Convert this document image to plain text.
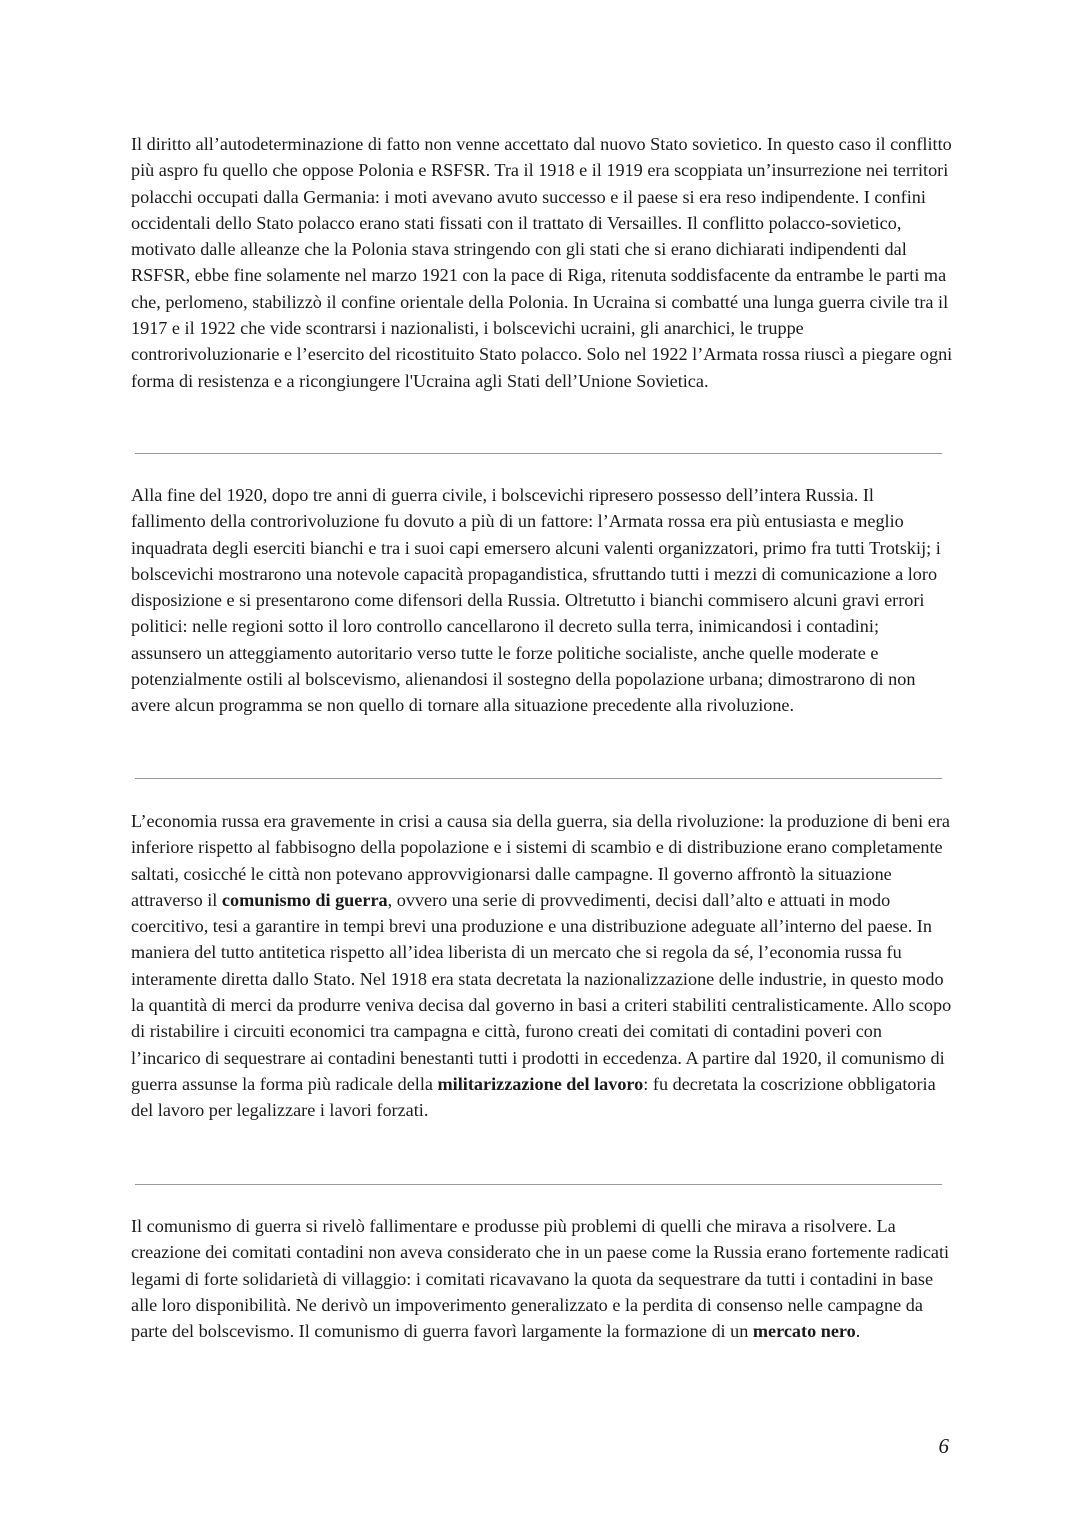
Il diritto all’autodeterminazione di fatto non venne accettato dal nuovo Stato sovietico. In questo caso il conflitto più aspro fu quello che oppose Polonia e RSFSR. Tra il 1918 e il 1919 era scoppiata un’insurrezione nei territori polacchi occupati dalla Germania: i moti avevano avuto successo e il paese si era reso indipendente. I confini occidentali dello Stato polacco erano stati fissati con il trattato di Versailles. Il conflitto polacco-sovietico, motivato dalle alleanze che la Polonia stava stringendo con gli stati che si erano dichiarati indipendenti dal RSFSR, ebbe fine solamente nel marzo 1921 con la pace di Riga, ritenuta soddisfacente da entrambe le parti ma che, perlomeno, stabilizzò il confine orientale della Polonia. In Ucraina si combatté una lunga guerra civile tra il 1917 e il 1922 che vide scontrarsi i nazionalisti, i bolscevichi ucraini, gli anarchici, le truppe controrivoluzionarie e l’esercito del ricostituito Stato polacco. Solo nel 1922 l’Armata rossa riuscì a piegare ogni forma di resistenza e a ricongiungere l'Ucraina agli Stati dell’Unione Sovietica.

Alla fine del 1920, dopo tre anni di guerra civile, i bolscevichi ripresero possesso dell’intera Russia. Il fallimento della controrivoluzione fu dovuto a più di un fattore: l’Armata rossa era più entusiasta e meglio inquadrata degli eserciti bianchi e tra i suoi capi emersero alcuni valenti organizzatori, primo fra tutti Trotskij; i bolscevichi mostrarono una notevole capacità propagandistica, sfruttando tutti i mezzi di comunicazione a loro disposizione e si presentarono come difensori della Russia. Oltretutto i bianchi commisero alcuni gravi errori politici: nelle regioni sotto il loro controllo cancellarono il decreto sulla terra, inimicandosi i contadini; assunsero un atteggiamento autoritario verso tutte le forze politiche socialiste, anche quelle moderate e potenzialmente ostili al bolscevismo, alienandosi il sostegno della popolazione urbana; dimostrarono di non avere alcun programma se non quello di tornare alla situazione precedente alla rivoluzione.

L’economia russa era gravemente in crisi a causa sia della guerra, sia della rivoluzione: la produzione di beni era inferiore rispetto al fabbisogno della popolazione e i sistemi di scambio e di distribuzione erano completamente saltati, cosicché le città non potevano approvvigionarsi dalle campagne. Il governo affrontò la situazione attraverso il comunismo di guerra, ovvero una serie di provvedimenti, decisi dall’alto e attuati in modo coercitivo, tesi a garantire in tempi brevi una produzione e una distribuzione adeguate all’interno del paese. In maniera del tutto antitetica rispetto all’idea liberista di un mercato che si regola da sé, l’economia russa fu interamente diretta dallo Stato. Nel 1918 era stata decretata la nazionalizzazione delle industrie, in questo modo la quantità di merci da produrre veniva decisa dal governo in basi a criteri stabiliti centralisticamente. Allo scopo di ristabilire i circuiti economici tra campagna e città, furono creati dei comitati di contadini poveri con l’incarico di sequestrare ai contadini benestanti tutti i prodotti in eccedenza. A partire dal 1920, il comunismo di guerra assunse la forma più radicale della militarizzazione del lavoro: fu decretata la coscrizione obbligatoria del lavoro per legalizzare i lavori forzati.

Il comunismo di guerra si rivelò fallimentare e produsse più problemi di quelli che mirava a risolvere. La creazione dei comitati contadini non aveva considerato che in un paese come la Russia erano fortemente radicati legami di forte solidarietà di villaggio: i comitati ricavavano la quota da sequestrare da tutti i contadini in base alle loro disponibilità. Ne derivò un impoverimento generalizzato e la perdita di consenso nelle campagne da parte del bolscevismo. Il comunismo di guerra favorì largamente la formazione di un mercato nero.

6
